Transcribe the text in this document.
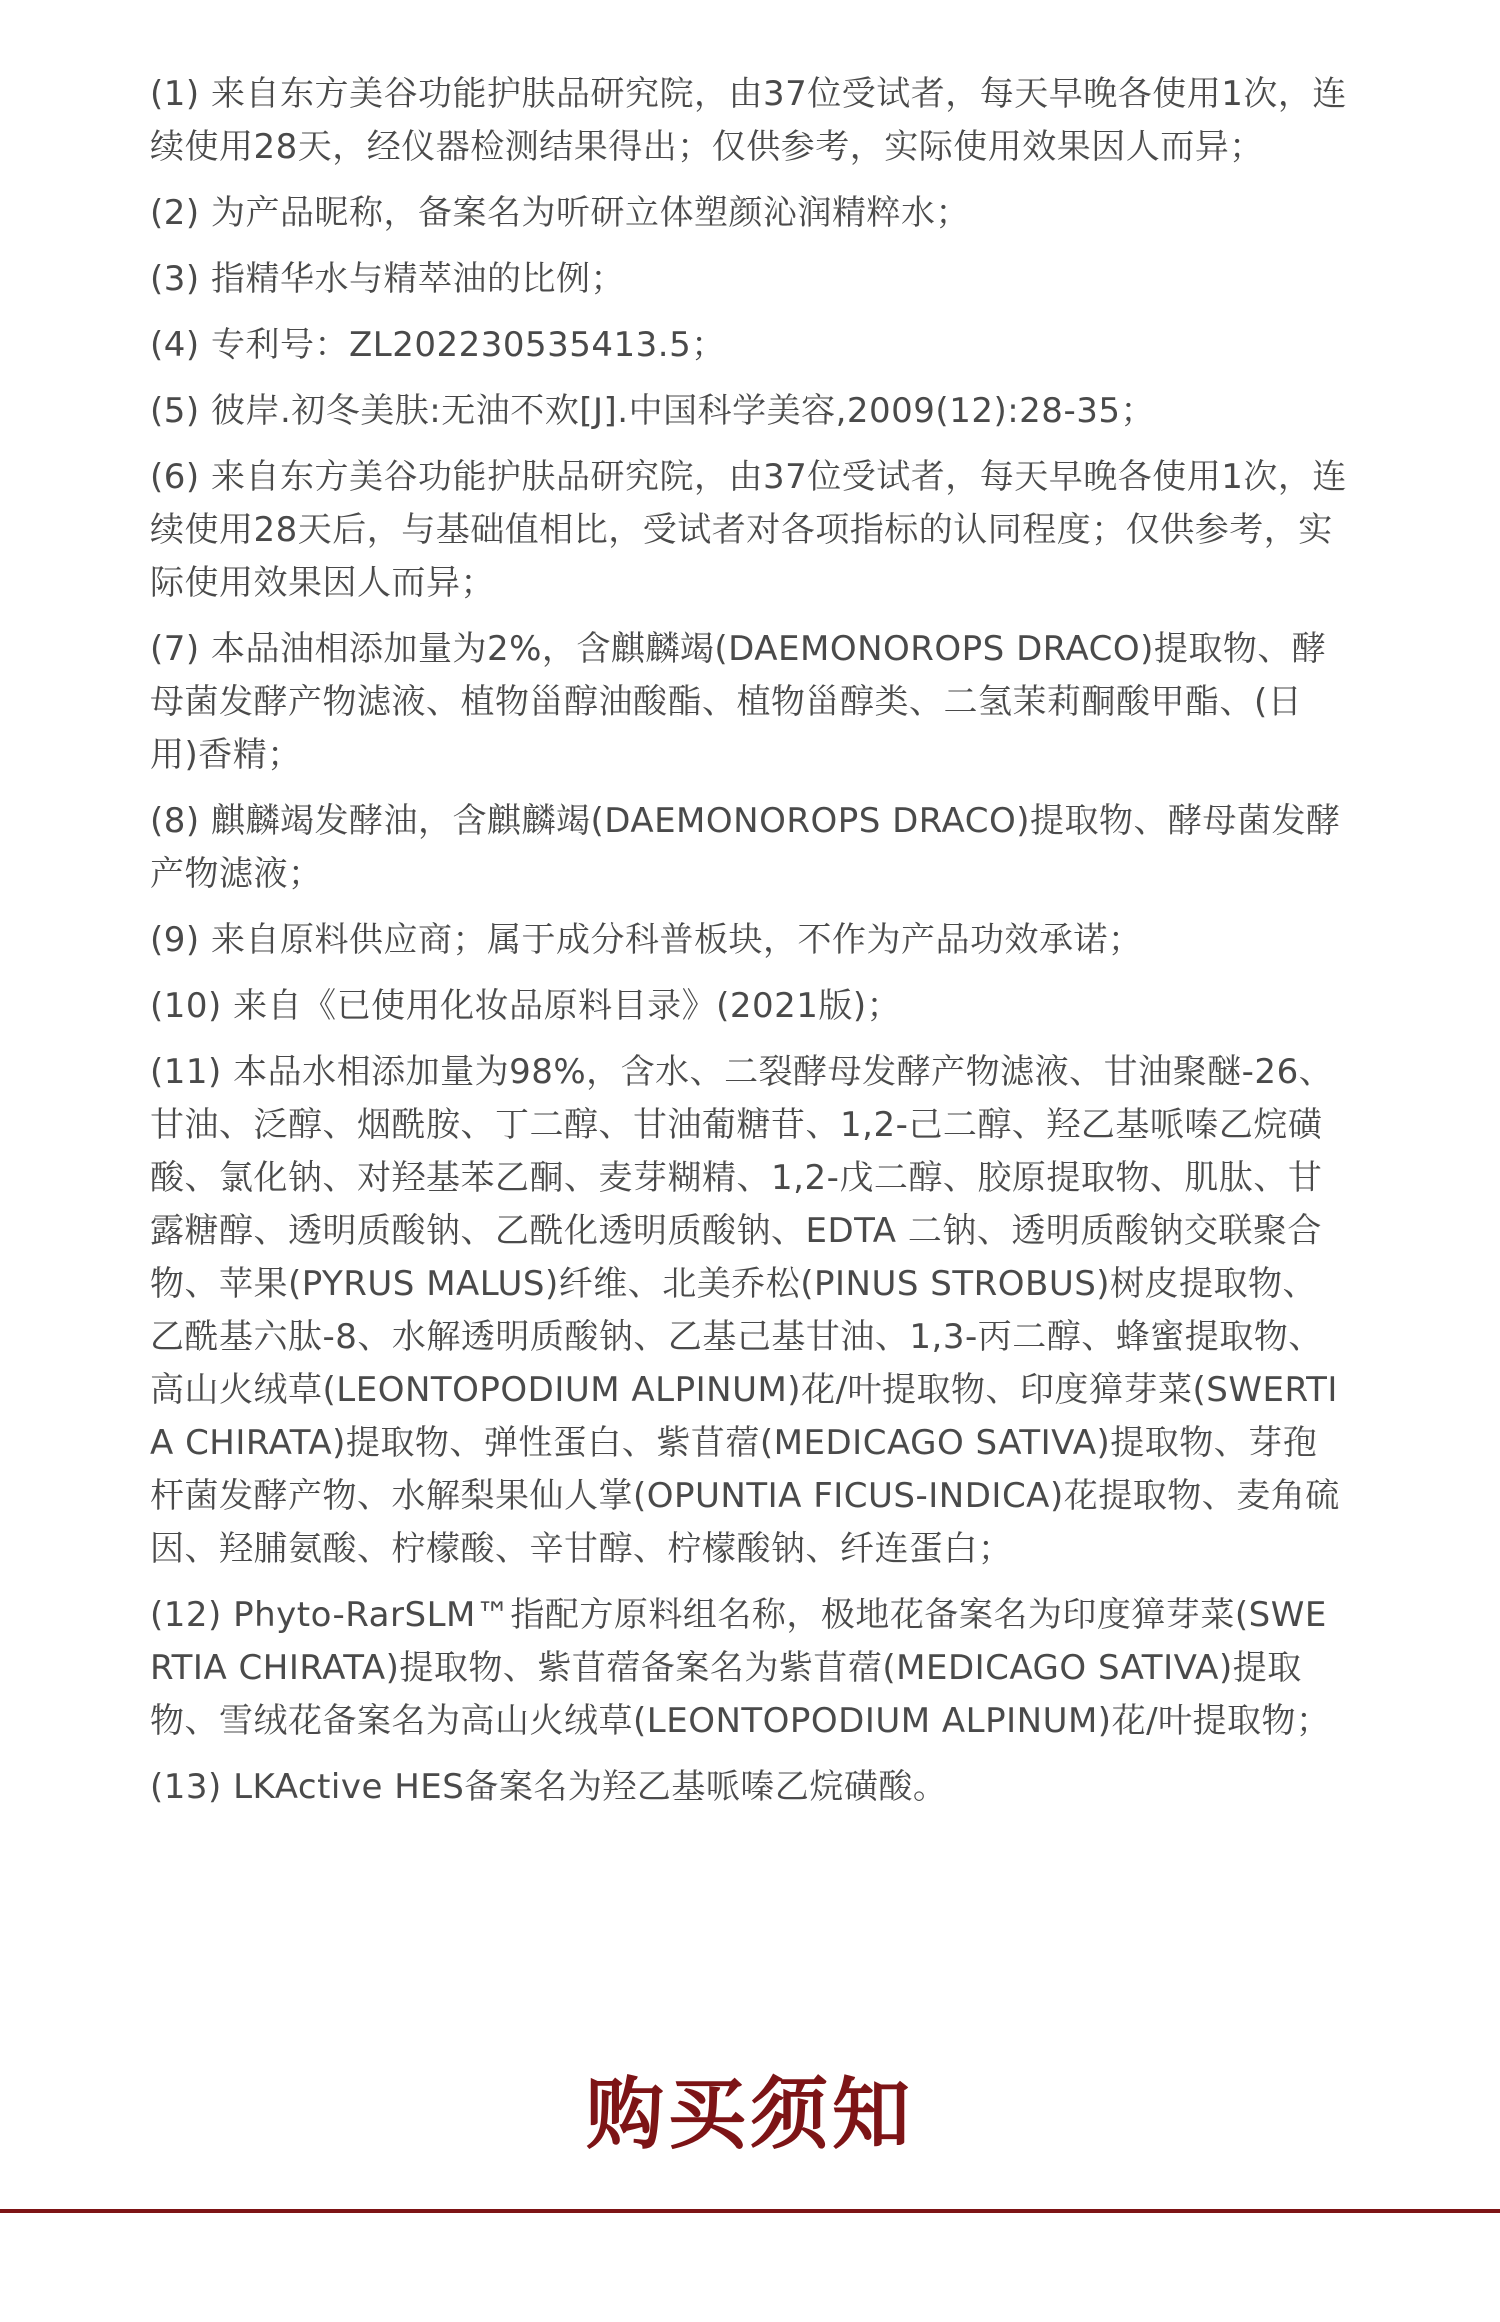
(1) 来自东方美谷功能护肤品研究院，由37位受试者，每天早晚各使用1次，连续使用28天，经仪器检测结果得出；仅供参考，实际使用效果因人而异；
(2) 为产品昵称，备案名为听研立体塑颜沁润精粹水；
(3) 指精华水与精萃油的比例；
(4) 专利号：ZL202230535413.5；
(5) 彼岸.初冬美肤:无油不欢[J].中国科学美容,2009(12):28-35；
(6) 来自东方美谷功能护肤品研究院，由37位受试者，每天早晚各使用1次，连续使用28天后，与基础值相比，受试者对各项指标的认同程度；仅供参考，实际使用效果因人而异；
(7) 本品油相添加量为2%，含麒麟竭(DAEMONOROPS DRACO)提取物、酵母菌发酵产物滤液、植物甾醇油酸酯、植物甾醇类、二氢茉莉酮酸甲酯、(日用)香精；
(8) 麒麟竭发酵油，含麒麟竭(DAEMONOROPS DRACO)提取物、酵母菌发酵产物滤液；
(9) 来自原料供应商；属于成分科普板块，不作为产品功效承诺；
(10) 来自《已使用化妆品原料目录》(2021版)；
(11) 本品水相添加量为98%，含水、二裂酵母发酵产物滤液、甘油聚醚-26、甘油、泛醇、烟酰胺、丁二醇、甘油葡糖苷、1,2-己二醇、羟乙基哌嗪乙烷磺酸、氯化钠、对羟基苯乙酮、麦芽糊精、1,2-戊二醇、胶原提取物、肌肽、甘露糖醇、透明质酸钠、乙酰化透明质酸钠、EDTA 二钠、透明质酸钠交联聚合物、苹果(PYRUS MALUS)纤维、北美乔松(PINUS STROBUS)树皮提取物、乙酰基六肽-8、水解透明质酸钠、乙基己基甘油、1,3-丙二醇、蜂蜜提取物、高山火绒草(LEONTOPODIUM ALPINUM)花/叶提取物、印度獐芽菜(SWERTIA CHIRATA)提取物、弹性蛋白、紫苜蓿(MEDICAGO SATIVA)提取物、芽孢杆菌发酵产物、水解梨果仙人掌(OPUNTIA FICUS-INDICA)花提取物、麦角硫因、羟脯氨酸、柠檬酸、辛甘醇、柠檬酸钠、纤连蛋白；
(12) Phyto-RarSLM™指配方原料组名称，极地花备案名为印度獐芽菜(SWERTIA CHIRATA)提取物、紫苜蓿备案名为紫苜蓿(MEDICAGO SATIVA)提取物、雪绒花备案名为高山火绒草(LEONTOPODIUM ALPINUM)花/叶提取物；
(13) LKActive HES备案名为羟乙基哌嗪乙烷磺酸。
购买须知
